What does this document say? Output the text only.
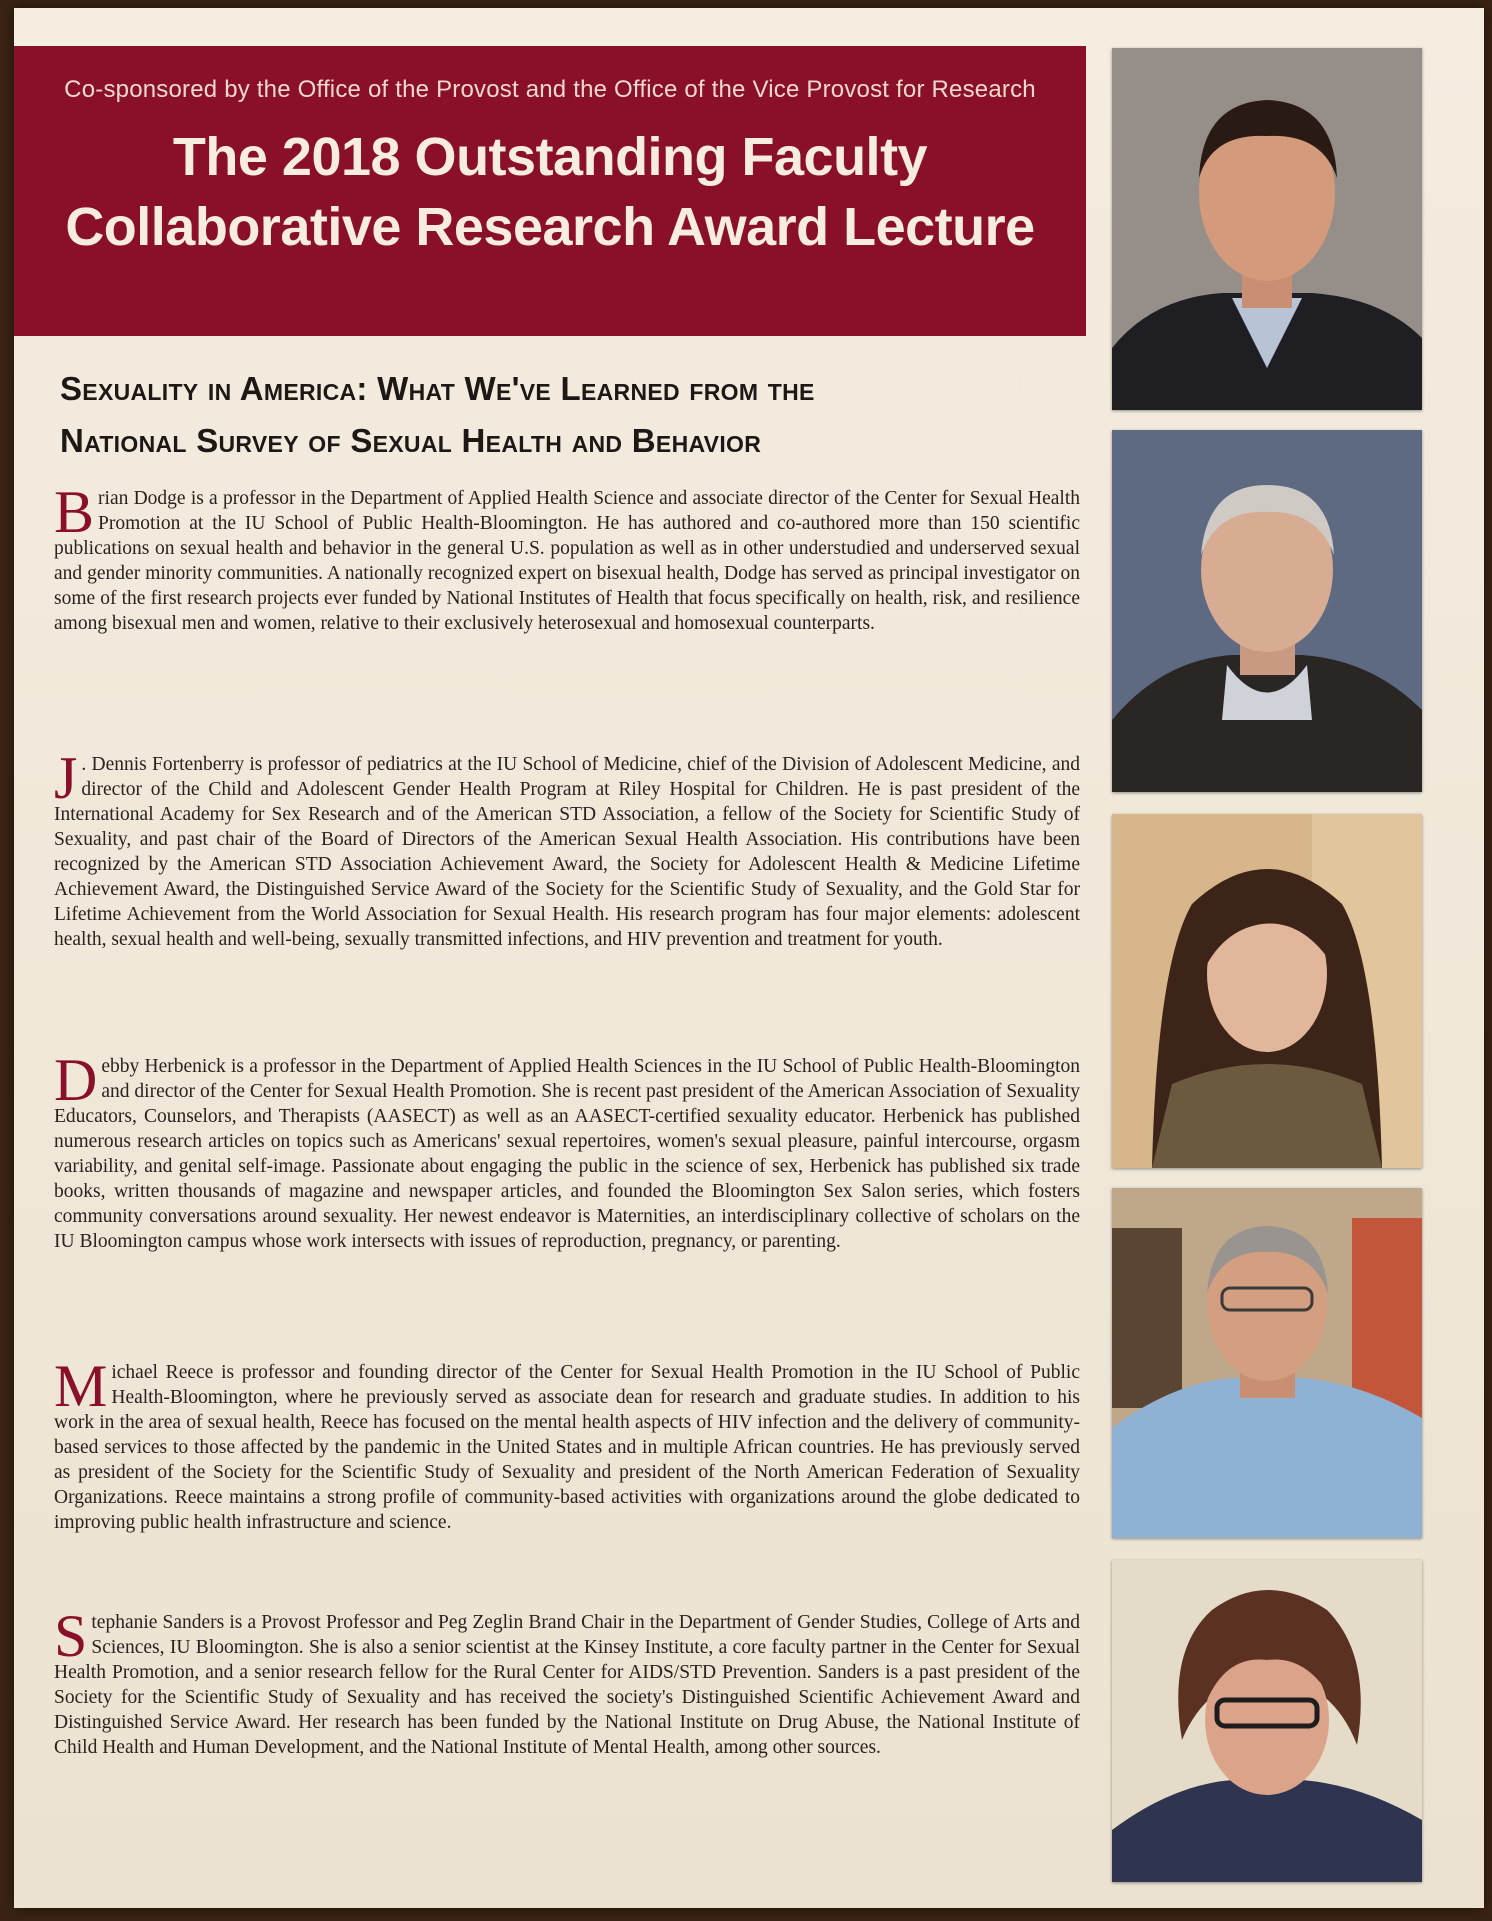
Co-sponsored by the Office of the Provost and the Office of the Vice Provost for Research
The 2018 Outstanding Faculty
Collaborative Research Award Lecture
Sexuality in America: What We've Learned from the
National Survey of Sexual Health and Behavior
Brian Dodge is a professor in the Department of Applied Health Science and associate director of the Center for Sexual Health Promotion at the IU School of Public Health-Bloomington. He has authored and co-authored more than 150 scientific publications on sexual health and behavior in the general U.S. population as well as in other understudied and underserved sexual and gender minority communities. A nationally recognized expert on bisexual health, Dodge has served as principal investigator on some of the first research projects ever funded by National Institutes of Health that focus specifically on health, risk, and resilience among bisexual men and women, relative to their exclusively heterosexual and homosexual counterparts.
J . Dennis Fortenberry is professor of pediatrics at the IU School of Medicine, chief of the Division of Adolescent Medicine, and director of the Child and Adolescent Gender Health Program at Riley Hospital for Children. He is past president of the International Academy for Sex Research and of the American STD Association, a fellow of the Society for Scientific Study of Sexuality, and past chair of the Board of Directors of the American Sexual Health Association. His contributions have been recognized by the American STD Association Achievement Award, the Society for Adolescent Health & Medicine Lifetime Achievement Award, the Distinguished Service Award of the Society for the Scientific Study of Sexuality, and the Gold Star for Lifetime Achievement from the World Association for Sexual Health. His research program has four major elements: adolescent health, sexual health and well-being, sexually transmitted infections, and HIV prevention and treatment for youth.
Debby Herbenick is a professor in the Department of Applied Health Sciences in the IU School of Public Health-Bloomington and director of the Center for Sexual Health Promotion. She is recent past president of the American Association of Sexuality Educators, Counselors, and Therapists (AASECT) as well as an AASECT-certified sexuality educator. Herbenick has published numerous research articles on topics such as Americans' sexual repertoires, women's sexual pleasure, painful intercourse, orgasm variability, and genital self-image. Passionate about engaging the public in the science of sex, Herbenick has published six trade books, written thousands of magazine and newspaper articles, and founded the Bloomington Sex Salon series, which fosters community conversations around sexuality. Her newest endeavor is Maternities, an interdisciplinary collective of scholars on the IU Bloomington campus whose work intersects with issues of reproduction, pregnancy, or parenting.
Michael Reece is professor and founding director of the Center for Sexual Health Promotion in the IU School of Public Health-Bloomington, where he previously served as associate dean for research and graduate studies. In addition to his work in the area of sexual health, Reece has focused on the mental health aspects of HIV infection and the delivery of community-based services to those affected by the pandemic in the United States and in multiple African countries. He has previously served as president of the Society for the Scientific Study of Sexuality and president of the North American Federation of Sexuality Organizations. Reece maintains a strong profile of community-based activities with organizations around the globe dedicated to improving public health infrastructure and science.
Stephanie Sanders is a Provost Professor and Peg Zeglin Brand Chair in the Department of Gender Studies, College of Arts and Sciences, IU Bloomington. She is also a senior scientist at the Kinsey Institute, a core faculty partner in the Center for Sexual Health Promotion, and a senior research fellow for the Rural Center for AIDS/STD Prevention. Sanders is a past president of the Society for the Scientific Study of Sexuality and has received the society's Distinguished Scientific Achievement Award and Distinguished Service Award. Her research has been funded by the National Institute on Drug Abuse, the National Institute of Child Health and Human Development, and the National Institute of Mental Health, among other sources.
